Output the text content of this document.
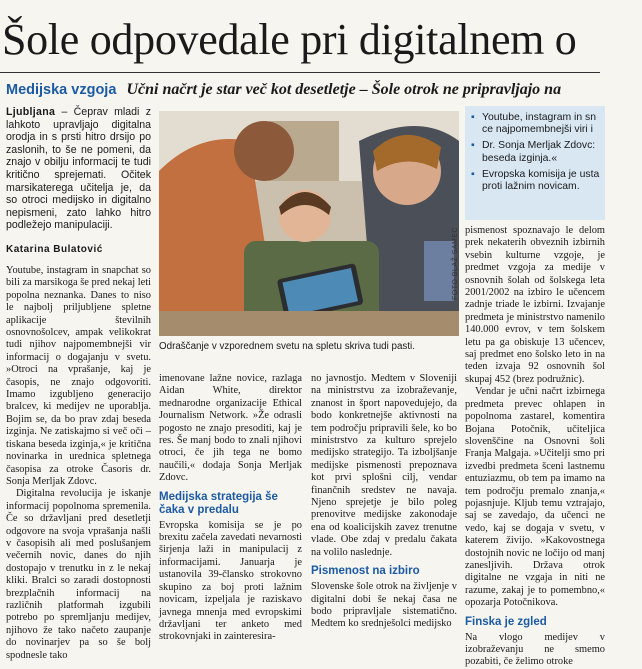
Šole odpovedale pri digitalnem o
Medijska vzgoja Učni načrt je star več kot desetletje – Šole otrok ne pripravljajo na
Ljubljana – Čeprav mladi z lahkoto upravljajo digitalna orodja in s prsti hitro drsijo po zaslonih, to še ne pomeni, da znajo v obilju informacij te tudi kritično sprejemati. Očitek marsikaterega učitelja je, da so otroci medijsko in digitalno nepismeni, zato lahko hitro podležejo manipulaciji.
Katarina Bulatović	FOTO BLAŽ SAMEC
Odraščanje v vzporednem svetu na spletu skriva tudi pasti.
▪ Youtube, instagram in sn ce najpomembnejši viri i
▪ Dr. Sonja Merljak Zdovc: beseda izginja.«
▪ Evropska komisija je usta proti lažnim novicam.

Youtube, instagram in snapchat so bili za marsikoga še pred nekaj leti popolna neznanka. Danes to niso le najbolj priljubljene spletne aplikacije številnih osnovnošolcev, ampak velikokrat tudi njihov najpomembnejši vir informacij o dogajanju v svetu. »Otroci na vprašanje, kaj je časopis, ne znajo odgovoriti. Imamo izgubljeno generacijo bralcev, ki medijev ne uporablja. Bojim se, da bo prav zdaj beseda izginja. Ne zatiskajmo si več oči – tiskana beseda izginja,« je kritična novinarka in urednica spletnega časopisa za otroke Časoris dr. Sonja Merljak Zdovc.

Digitalna revolucija je iskanje informacij popolnoma spremenila. Če so državljani pred desetletji odgovore na svoja vprašanja našli v časopisih ali med poslušanjem večernih novic, danes do njih dostopajo v trenutku in z le nekaj kliki. Bralci so zaradi dostopnosti brezplačnih informacij na različnih platformah izgubili potrebo po spremljanju medijev, njihovo že tako načeto zaupanje do novinarjev pa so še bolj spodnesle tako

imenovane lažne novice, razlaga Aidan White, direktor mednarodne organizacije Ethical Journalism Network. »Že odrasli pogosto ne znajo presoditi, kaj je res. Še manj bodo to znali njihovi otroci, če jih tega ne bomo naučili,« dodaja Sonja Merljak Zdovc.

Medijska strategija še čaka v predalu

Evropska komisija se je po brexitu začela zavedati nevarnosti širjenja laži in manipulacij z informacijami. Januarja je ustanovila 39-člansko strokovno skupino za boj proti lažnim novicam, izpeljala je raziskavo javnega mnenja med evropskimi državljani ter anketo med strokovnjaki in zainteresira-

no javnostjo. Medtem v Sloveniji na ministrstvu za izobraževanje, znanost in šport napovedujejo, da bodo konkretnejše aktivnosti na tem področju pripravili šele, ko bo ministrstvo za kulturo sprejelo medijsko strategijo. Ta izboljšanje medijske pismenosti prepoznava kot prvi splošni cilj, vendar finančnih sredstev ne navaja. Njeno sprejetje je bilo poleg prenovitve medijske zakonodaje ena od koalicijskih zavez trenutne vlade. Obe zdaj v predalu čakata na volilo naslednje.

Pismenost na izbiro

Slovenske šole otrok na življenje v digitalni dobi še nekaj časa ne bodo pripravljale sistematično. Medtem ko srednješolci medijsko

pismenost spoznavajo le delom prek nekaterih obveznih izbirnih vsebin kulturne vzgoje, je predmet vzgoja za medije v osnovnih šolah od šolskega leta 2001/2002 na izbiro le učencem zadnje triade le izbirni. Izvajanje predmeta je ministrstvo namenilo 140.000 evrov, v tem šolskem letu pa ga obiskuje 13 učencev, saj predmet eno šolsko leto in na teden izvaja 92 osnovnih šol skupaj 452 (brez podružnic).

Vendar je učni načrt izbirnega predmeta prevec ohlapen in popolnoma zastarel, komentira Bojana Potočnik, učiteljica slovenščine na Osnovni šoli Franja Malgaja. »Učitelji smo pri izvedbi predmeta šceni lastnemu entuziazmu, ob tem pa imamo na tem področju premalo znanja,« pojasnjuje. Kljub temu vztrajajo, saj se zavedajo, da učenci ne vedo, kaj se dogaja v svetu, v katerem živijo. »Kakovostnega dostojnih novic ne ločijo od manj zanesljivih. Država otrok digitalne ne vzgaja in niti ne razume, zakaj je to pomembno,« opozarja Potočnikova.

Finska je zgled

Na vlogo medijev v izobraževanju ne smemo pozabiti, če želimo otroke
